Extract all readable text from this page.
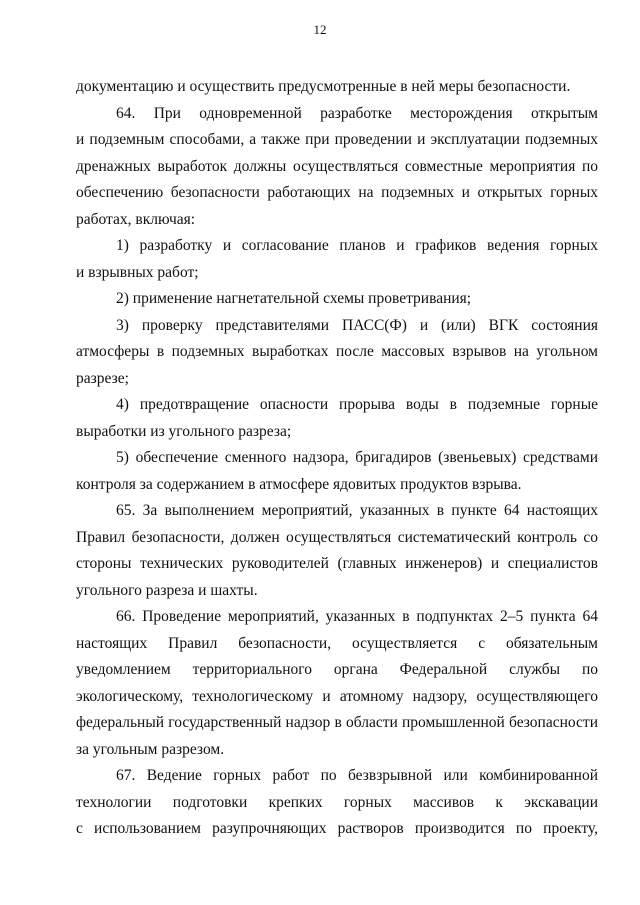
12
документацию и осуществить предусмотренные в ней меры безопасности.
64. При одновременной разработке месторождения открытым
и подземным способами, а также при проведении и эксплуатации подземных
дренажных выработок должны осуществляться совместные мероприятия по
обеспечению безопасности работающих на подземных и открытых горных
работах, включая:
1) разработку и согласование планов и графиков ведения горных
и взрывных работ;
2) применение нагнетательной схемы проветривания;
3) проверку представителями ПАСС(Ф) и (или) ВГК состояния
атмосферы в подземных выработках после массовых взрывов на угольном
разрезе;
4) предотвращение опасности прорыва воды в подземные горные
выработки из угольного разреза;
5) обеспечение сменного надзора, бригадиров (звеньевых) средствами
контроля за содержанием в атмосфере ядовитых продуктов взрыва.
65. За выполнением мероприятий, указанных в пункте 64 настоящих
Правил безопасности, должен осуществляться систематический контроль со
стороны технических руководителей (главных инженеров) и специалистов
угольного разреза и шахты.
66. Проведение мероприятий, указанных в подпунктах 2–5 пункта 64
настоящих Правил безопасности, осуществляется с обязательным
уведомлением территориального органа Федеральной службы по
экологическому, технологическому и атомному надзору, осуществляющего
федеральный государственный надзор в области промышленной безопасности
за угольным разрезом.
67. Ведение горных работ по безвзрывной или комбинированной
технологии подготовки крепких горных массивов к экскавации
с использованием разупрочняющих растворов производится по проекту,
